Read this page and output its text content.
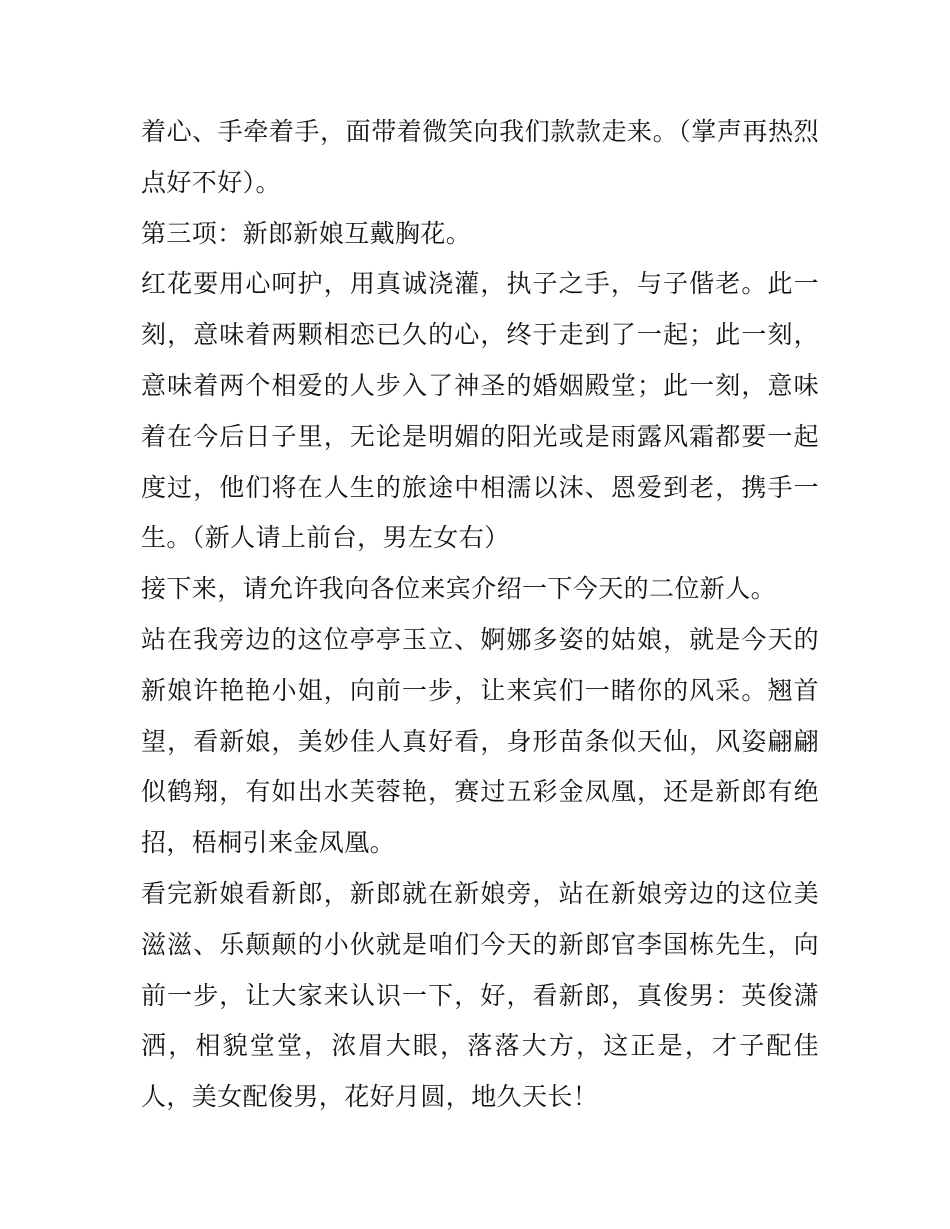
着心、手牵着手，面带着微笑向我们款款走来。（掌声再热烈点好不好）。

第三项：新郎新娘互戴胸花。

红花要用心呵护，用真诚浇灌，执子之手，与子偕老。此一刻，意味着两颗相恋已久的心，终于走到了一起；此一刻，意味着两个相爱的人步入了神圣的婚姻殿堂；此一刻，意味着在今后日子里，无论是明媚的阳光或是雨露风霜都要一起度过，他们将在人生的旅途中相濡以沫、恩爱到老，携手一生。（新人请上前台，男左女右）

接下来，请允许我向各位来宾介绍一下今天的二位新人。

站在我旁边的这位亭亭玉立、婀娜多姿的姑娘，就是今天的新娘许艳艳小姐，向前一步，让来宾们一睹你的风采。翘首望，看新娘，美妙佳人真好看，身形苗条似天仙，风姿翩翩似鹤翔，有如出水芙蓉艳，赛过五彩金凤凰，还是新郎有绝招，梧桐引来金凤凰。

看完新娘看新郎，新郎就在新娘旁，站在新娘旁边的这位美滋滋、乐颠颠的小伙就是咱们今天的新郎官李国栋先生，向前一步，让大家来认识一下，好，看新郎，真俊男：英俊潇洒，相貌堂堂，浓眉大眼，落落大方，这正是，才子配佳人，美女配俊男，花好月圆，地久天长！
